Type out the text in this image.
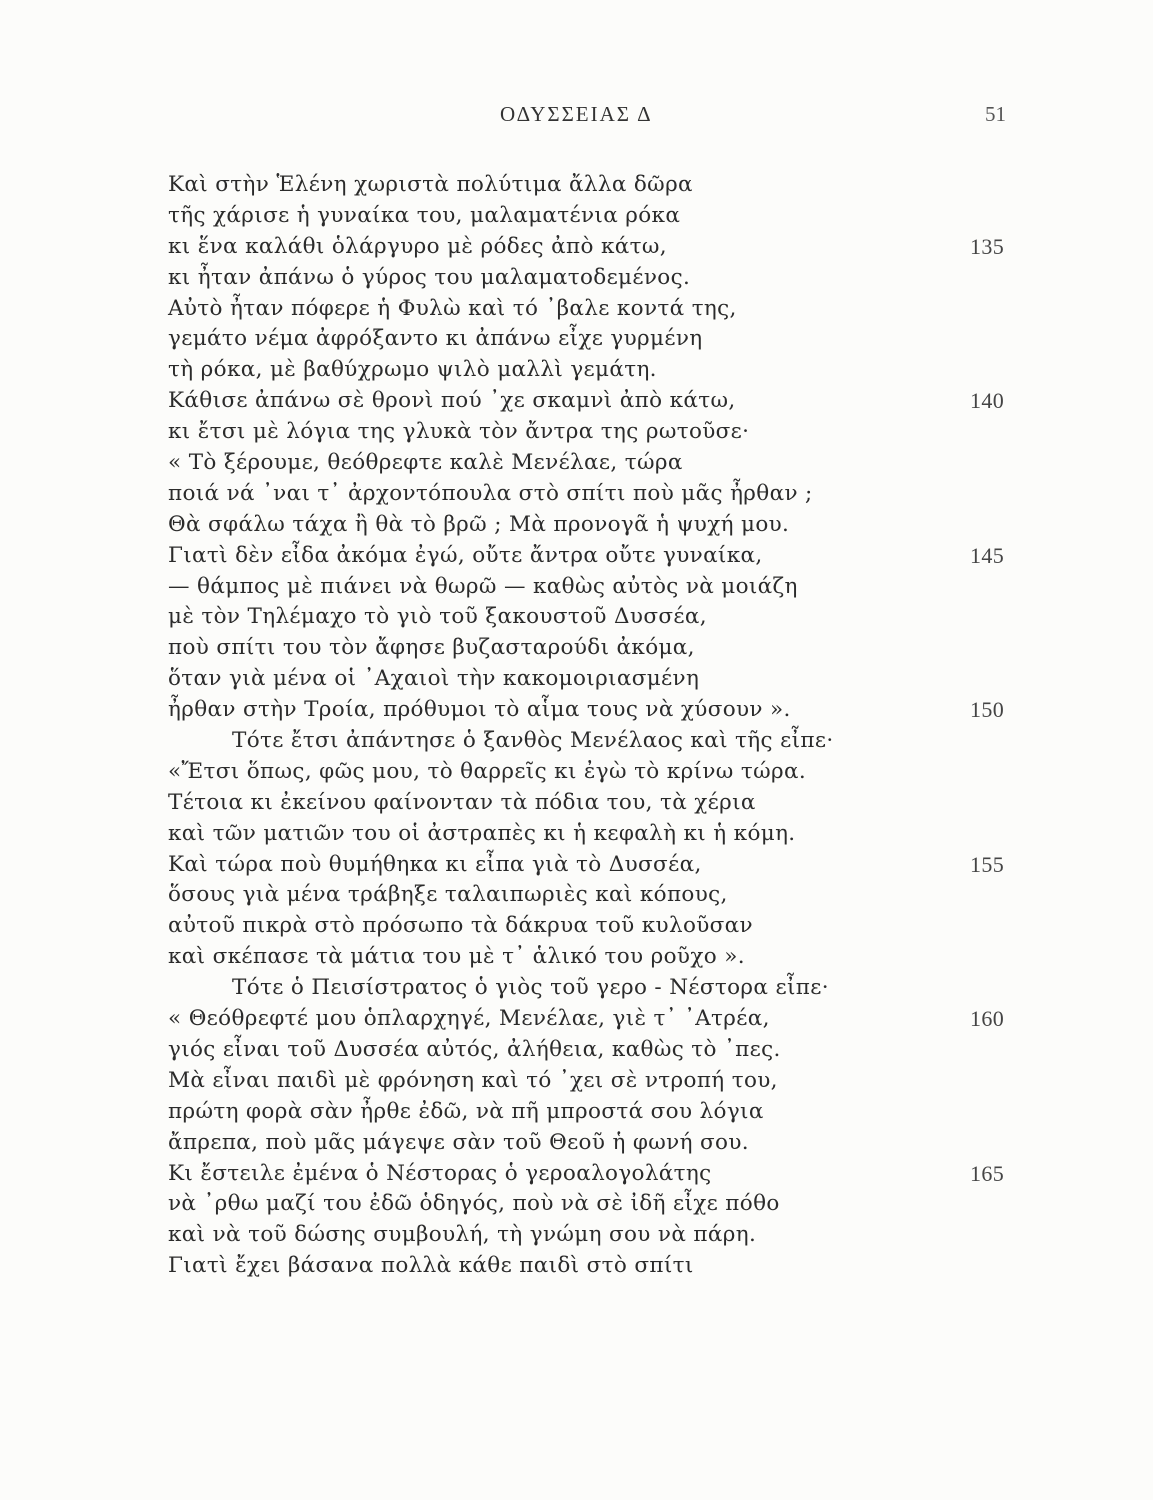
ΟΔΥΣΣΕΙΑΣ Δ	51
Καὶ στὴν Ἑλένη χωριστὰ πολύτιμα ἄλλα δῶρα
τῆς χάρισε ἡ γυναίκα του, μαλαματένια ρόκα
κι ἕνα καλάθι ὁλάργυρο μὲ ρόδες ἀπὸ κάτω,	135
κι ἦταν ἀπάνω ὁ γύρος του μαλαματοδεμένος.
Αὐτὸ ἦταν πόφερε ἡ Φυλὼ καὶ τό ᾽βαλε κοντά της,
γεμάτο νέμα ἀφρόξαντο κι ἀπάνω εἶχε γυρμένη
τὴ ρόκα, μὲ βαθύχρωμο ψιλὸ μαλλὶ γεμάτη.
Κάθισε ἀπάνω σὲ θρονὶ πού ᾽χε σκαμνὶ ἀπὸ κάτω,	140
κι ἔτσι μὲ λόγια της γλυκὰ τὸν ἄντρα της ρωτοῦσε·
« Τὸ ξέρουμε, θεόθρεφτε καλὲ Μενέλαε, τώρα
ποιά νά ᾽ναι τ᾽ ἀρχοντόπουλα στὸ σπίτι ποὺ μᾶς ἦρθαν ;
Θὰ σφάλω τάχα ἢ θὰ τὸ βρῶ ; Μὰ προνογᾶ ἡ ψυχή μου.
Γιατὶ δὲν εἶδα ἀκόμα ἐγώ, οὔτε ἄντρα οὔτε γυναίκα,	145
— θάμπος μὲ πιάνει νὰ θωρῶ — καθὼς αὐτὸς νὰ μοιάζη
μὲ τὸν Τηλέμαχο τὸ γιὸ τοῦ ξακουστοῦ Δυσσέα,
ποὺ σπίτι του τὸν ἄφησε βυζασταρούδι ἀκόμα,
ὅταν γιὰ μένα οἱ ᾽Αχαιοὶ τὴν κακομοιριασμένη
ἦρθαν στὴν Τροία, πρόθυμοι τὸ αἷμα τους νὰ χύσουν ».	150
Τότε ἔτσι ἀπάντησε ὁ ξανθὸς Μενέλαος καὶ τῆς εἶπε·
«Ἔτσι ὅπως, φῶς μου, τὸ θαρρεῖς κι ἐγὼ τὸ κρίνω τώρα.
Τέτοια κι ἐκείνου φαίνονταν τὰ πόδια του, τὰ χέρια
καὶ τῶν ματιῶν του οἱ ἀστραπὲς κι ἡ κεφαλὴ κι ἡ κόμη.
Καὶ τώρα ποὺ θυμήθηκα κι εἶπα γιὰ τὸ Δυσσέα,	155
ὅσους γιὰ μένα τράβηξε ταλαιπωριὲς καὶ κόπους,
αὐτοῦ πικρὰ στὸ πρόσωπο τὰ δάκρυα τοῦ κυλοῦσαν
καὶ σκέπασε τὰ μάτια του μὲ τ᾽ ἁλικό του ροῦχο ».
Τότε ὁ Πεισίστρατος ὁ γιὸς τοῦ γερο - Νέστορα εἶπε·
« Θεόθρεφτέ μου ὁπλαρχηγέ, Μενέλαε, γιὲ τ᾽ ᾽Ατρέα,	160
γιός εἶναι τοῦ Δυσσέα αὐτός, ἀλήθεια, καθὼς τὸ ᾽πες.
Μὰ εἶναι παιδὶ μὲ φρόνηση καὶ τό ᾽χει σὲ ντροπή του,
πρώτη φορὰ σὰν ἦρθε ἐδῶ, νὰ πῆ μπροστά σου λόγια
ἄπρεπα, ποὺ μᾶς μάγεψε σὰν τοῦ Θεοῦ ἡ φωνή σου.
Κι ἔστειλε ἐμένα ὁ Νέστορας ὁ γεροαλογολάτης	165
νὰ ᾽ρθω μαζί του ἐδῶ ὁδηγός, ποὺ νὰ σὲ ἰδῆ εἶχε πόθο
καὶ νὰ τοῦ δώσης συμβουλή, τὴ γνώμη σου νὰ πάρη.
Γιατὶ ἔχει βάσανα πολλὰ κάθε παιδὶ στὸ σπίτι
